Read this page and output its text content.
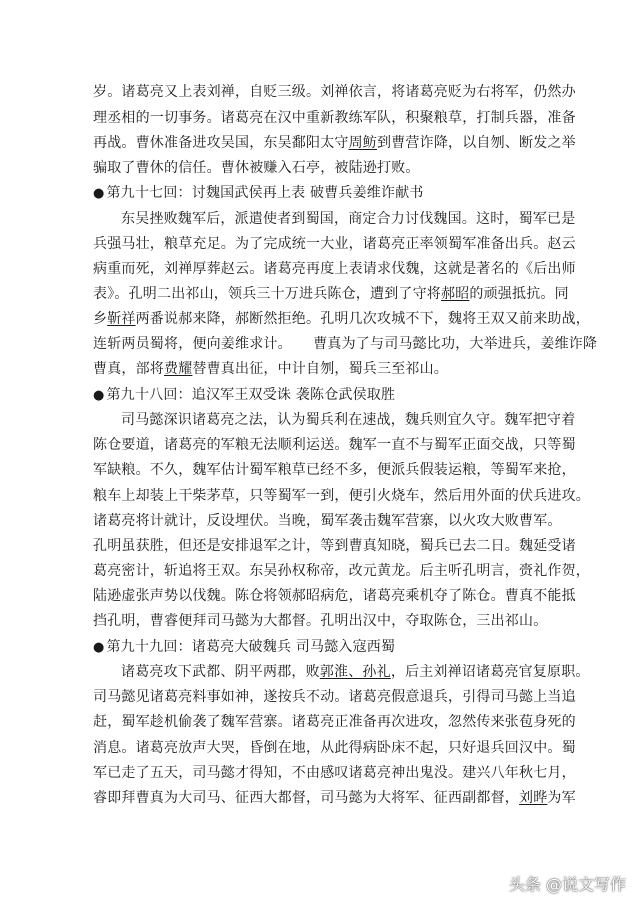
岁。诸葛亮又上表刘禅，自贬三级。刘禅依言，将诸葛亮贬为右将军，仍然办
理丞相的一切事务。诸葛亮在汉中重新教练军队，积聚粮草，打制兵器，准备
再战。曹休准备进攻吴国，东吴鄱阳太守周鲂到曹营诈降，以自刎、断发之举
骗取了曹休的信任。曹休被赚入石亭，被陆逊打败。
● 第九十七回：讨魏国武侯再上表 破曹兵姜维诈献书
东吴挫败魏军后，派遣使者到蜀国，商定合力讨伐魏国。这时，蜀军已是
兵强马壮，粮草充足。为了完成统一大业，诸葛亮正率领蜀军准备出兵。赵云
病重而死，刘禅厚葬赵云。诸葛亮再度上表请求伐魏，这就是著名的《后出师
表》。孔明二出祁山，领兵三十万进兵陈仓，遭到了守将郝昭的顽强抵抗。同
乡靳祥两番说郝来降，郝断然拒绝。孔明几次攻城不下，魏将王双又前来助战，
连斩两员蜀将，便向姜维求计。　　曹真为了与司马懿比功，大举进兵，姜维诈降
曹真，部将费耀替曹真出征，中计自刎，蜀兵三至祁山。
● 第九十八回：追汉军王双受诛 袭陈仓武侯取胜
司马懿深识诸葛亮之法，认为蜀兵利在速战，魏兵则宜久守。魏军把守着
陈仓要道，诸葛亮的军粮无法顺利运送。魏军一直不与蜀军正面交战，只等蜀
军缺粮。不久，魏军估计蜀军粮草已经不多，便派兵假装运粮，等蜀军来抢，
粮车上却装上干柴茅草，只等蜀军一到，便引火烧车，然后用外面的伏兵进攻。
诸葛亮将计就计，反设埋伏。当晚，蜀军袭击魏军营寨，以火攻大败曹军。
孔明虽获胜，但还是安排退军之计，等到曹真知晓，蜀兵已去二日。魏延受诸
葛亮密计，斩追将王双。东吴孙权称帝，改元黄龙。后主听孔明言，赍礼作贺，
陆逊虚张声势以伐魏。陈仓将领郝昭病危，诸葛亮乘机夺了陈仓。曹真不能抵
挡孔明，曹睿便拜司马懿为大都督。孔明出汉中，夺取陈仓，三出祁山。
● 第九十九回：诸葛亮大破魏兵 司马懿入寇西蜀
诸葛亮攻下武都、阴平两郡，败郭淮、孙礼，后主刘禅诏诸葛亮官复原职。
司马懿见诸葛亮料事如神，遂按兵不动。诸葛亮假意退兵，引得司马懿上当追
赶，蜀军趁机偷袭了魏军营寨。诸葛亮正准备再次进攻，忽然传来张苞身死的
消息。诸葛亮放声大哭，昏倒在地，从此得病卧床不起，只好退兵回汉中。蜀
军已走了五天，司马懿才得知，不由感叹诸葛亮神出鬼没。建兴八年秋七月，
睿即拜曹真为大司马、征西大都督，司马懿为大将军、征西副都督，刘晔为军
头条 @说文写作
